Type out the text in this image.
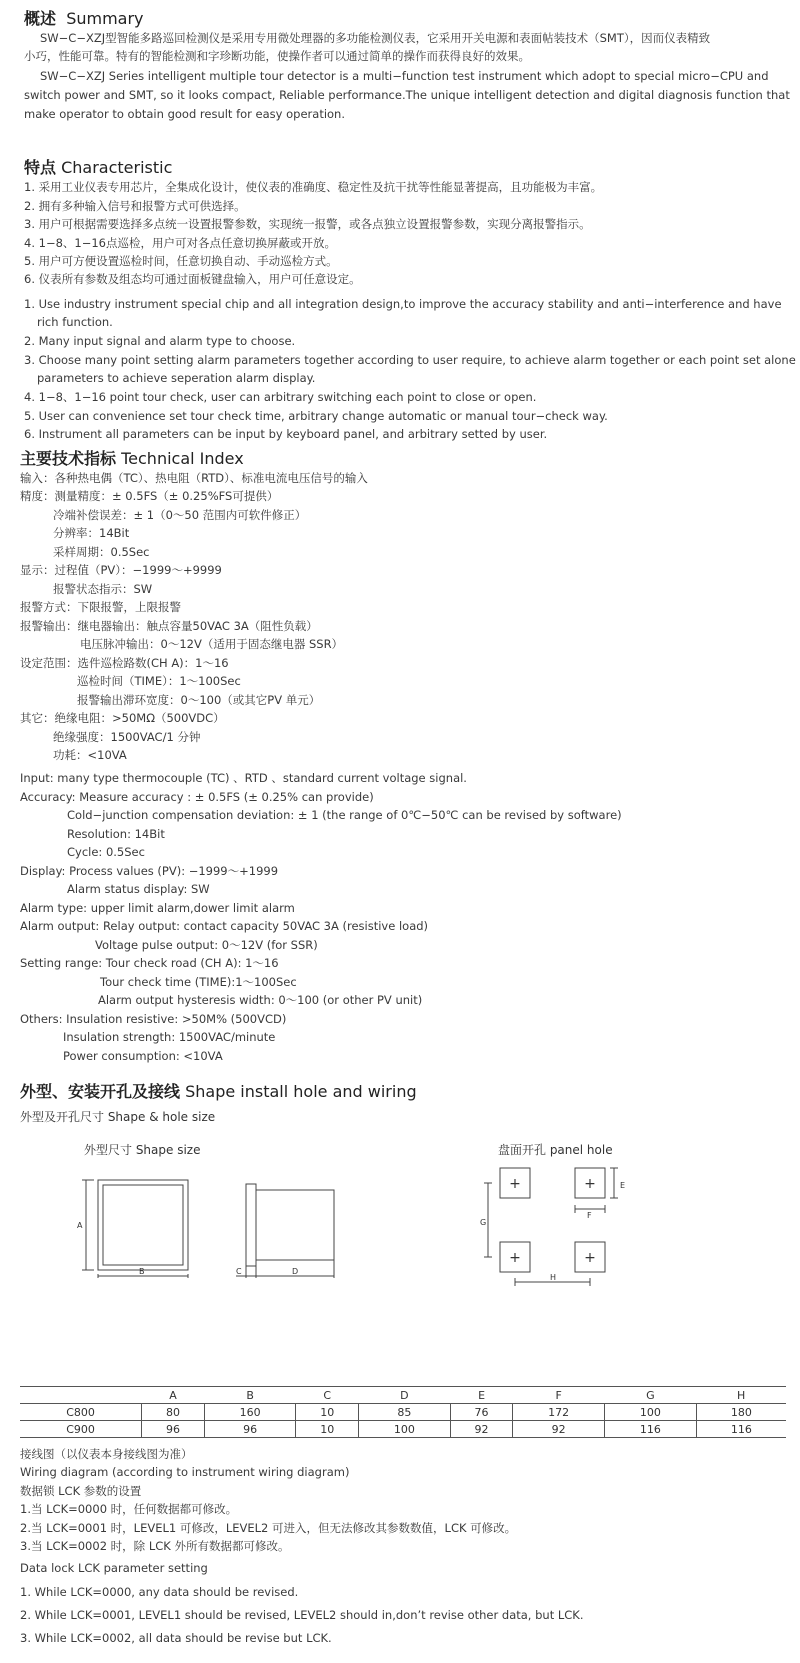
概述 Summary
SW−C−XZJ型智能多路巡回检测仪是采用专用微处理器的多功能检测仪表，它采用开关电源和表面帖装技术（SMT），因而仪表精致
小巧，性能可靠。特有的智能检测和字珍断功能，使操作者可以通过简单的操作而获得良好的效果。
SW−C−XZJ Series intelligent multiple tour detector is a multi−function test instrument which adopt to special micro−CPU and
switch power and SMT, so it looks compact, Reliable performance.The unique intelligent detection and digital diagnosis function that
make operator to obtain good result for easy operation.
特点 Characteristic
1. 采用工业仪表专用芯片，全集成化设计，使仪表的准确度、稳定性及抗干扰等性能显著提高，且功能极为丰富。
2. 拥有多种输入信号和报警方式可供选择。
3. 用户可根据需要选择多点统一设置报警参数，实现统一报警，或各点独立设置报警参数，实现分离报警指示。
4. 1−8、1−16点巡检，用户可对各点任意切换屏蔽或开放。
5. 用户可方便设置巡检时间，任意切换自动、手动巡检方式。
6. 仪表所有参数及组态均可通过面板键盘输入，用户可任意设定。
1. Use industry instrument special chip and all integration design,to improve the accuracy stability and anti−interference and have
rich function.
2. Many input signal and alarm type to choose.
3. Choose many point setting alarm parameters together according to user require, to achieve alarm together or each point set alone
parameters to achieve seperation alarm display.
4. 1−8、1−16 point tour check, user can arbitrary switching each point to close or open.
5. User can convenience set tour check time, arbitrary change automatic or manual tour−check way.
6. Instrument all parameters can be input by keyboard panel, and arbitrary setted by user.
主要技术指标 Technical Index
输入：各种热电偶（TC）、热电阻（RTD）、标准电流电压信号的输入
精度：测量精度：± 0.5FS（± 0.25%FS可提供）
冷端补偿误差：± 1（0～50 范围内可软件修正）
分辨率：14Bit
采样周期：0.5Sec
显示：过程值（PV）：−1999～+9999
报警状态指示：SW
报警方式：下限报警，上限报警
报警输出：继电器输出：触点容量50VAC 3A（阻性负载）
电压脉冲输出：0～12V（适用于固态继电器 SSR）
设定范围：选件巡检路数(CH A)：1～16
巡检时间（TIME）：1～100Sec
报警输出滞环宽度：0～100（或其它PV 单元）
其它：绝缘电阻：>50MΩ（500VDC）
绝缘强度：1500VAC/1 分钟
功耗：<10VA
Input: many type thermocouple (TC) 、RTD 、standard current voltage signal.
Accuracy: Measure accuracy : ± 0.5FS (± 0.25% can provide)
Cold−junction compensation deviation: ± 1 (the range of 0℃−50℃ can be revised by software)
Resolution: 14Bit
Cycle: 0.5Sec
Display: Process values (PV): −1999～+1999
Alarm status display: SW
Alarm type: upper limit alarm,dower limit alarm
Alarm output: Relay output: contact capacity 50VAC 3A (resistive load)
Voltage pulse output: 0～12V (for SSR)
Setting range: Tour check road (CH A): 1～16
Tour check time (TIME):1～100Sec
Alarm output hysteresis width: 0～100 (or other PV unit)
Others: Insulation resistive: >50M% (500VCD)
Insulation strength: 1500VAC/minute
Power consumption: <10VA
外型、安装开孔及接线 Shape install hole and wiring
外型及开孔尺寸 Shape & hole size
外型尺寸 Shape size	盘面开孔 panel hole
A
B	C	D
+	+
+	+
G
E
F
H
	A	B	C	D	E	F	G	H
C800	80	160	10	85	76	172	100	180
C900	96	96	10	100	92	92	116	116
接线图（以仪表本身接线图为准）
Wiring diagram (according to instrument wiring diagram)
数据锁 LCK 参数的设置
1.当 LCK=0000 时，任何数据都可修改。
2.当 LCK=0001 时，LEVEL1 可修改，LEVEL2 可进入，但无法修改其参数数值，LCK 可修改。
3.当 LCK=0002 时，除 LCK 外所有数据都可修改。
Data lock LCK parameter setting
1. While LCK=0000, any data should be revised.
2. While LCK=0001, LEVEL1 should be revised, LEVEL2 should in,don’t revise other data, but LCK.
3. While LCK=0002, all data should be revise but LCK.
